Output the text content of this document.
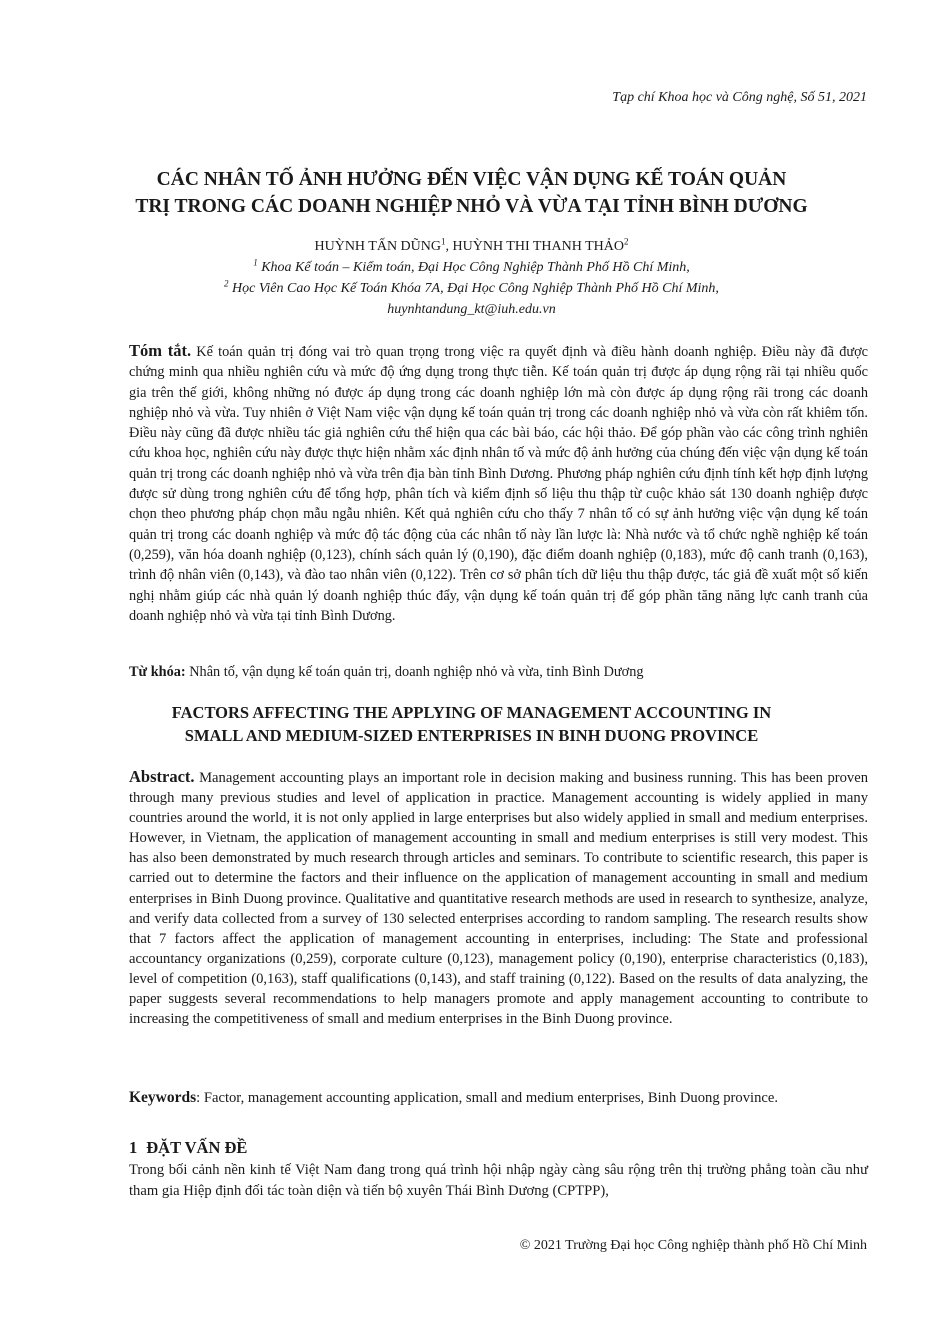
Tạp chí Khoa học và Công nghệ, Số 51, 2021
CÁC NHÂN TỐ ẢNH HƯỞNG ĐẾN VIỆC VẬN DỤNG KẾ TOÁN QUẢN
TRỊ TRONG CÁC DOANH NGHIỆP NHỎ VÀ VỪA TẠI TỈNH BÌNH DƯƠNG
HUỲNH TẤN DŨNG$^1$, HUỲNH THI THANH THẢO$^2$
$^1$ Khoa Kế toán – Kiểm toán, Đại Học Công Nghiệp Thành Phố Hồ Chí Minh,
$^2$ Học Viên Cao Học Kế Toán Khóa 7A, Đại Học Công Nghiệp Thành Phố Hồ Chí Minh,
huynhtandung_kt@iuh.edu.vn
Tóm tắt. Kế toán quản trị đóng vai trò quan trọng trong việc ra quyết định và điều hành doanh nghiệp. Điều này đã được chứng minh qua nhiều nghiên cứu và mức độ ứng dụng trong thực tiễn. Kế toán quản trị được áp dụng rộng rãi tại nhiều quốc gia trên thế giới, không những nó được áp dụng trong các doanh nghiệp lớn mà còn được áp dụng rộng rãi trong các doanh nghiệp nhỏ và vừa. Tuy nhiên ở Việt Nam việc vận dụng kế toán quản trị trong các doanh nghiệp nhỏ và vừa còn rất khiêm tốn. Điều này cũng đã được nhiều tác giả nghiên cứu thể hiện qua các bài báo, các hội thảo. Để góp phần vào các công trình nghiên cứu khoa học, nghiên cứu này được thực hiện nhằm xác định nhân tố và mức độ ảnh hưởng của chúng đến việc vận dụng kế toán quản trị trong các doanh nghiệp nhỏ và vừa trên địa bàn tỉnh Bình Dương. Phương pháp nghiên cứu định tính kết hợp định lượng được sử dùng trong nghiên cứu để tổng hợp, phân tích và kiểm định số liệu thu thập từ cuộc khảo sát 130 doanh nghiệp được chọn theo phương pháp chọn mẫu ngẫu nhiên. Kết quả nghiên cứu cho thấy 7 nhân tố có sự ảnh hưởng việc vận dụng kế toán quản trị trong các doanh nghiệp và mức độ tác động của các nhân tố này lần lược là: Nhà nước và tổ chức nghề nghiệp kế toán (0,259), văn hóa doanh nghiệp (0,123), chính sách quản lý (0,190), đặc điểm doanh nghiệp (0,183), mức độ canh tranh (0,163), trình độ nhân viên (0,143), và đào tao nhân viên (0,122). Trên cơ sở phân tích dữ liệu thu thập được, tác giả đề xuất một số kiến nghị nhằm giúp các nhà quản lý doanh nghiệp thúc đẩy, vận dụng kế toán quản trị để góp phần tăng năng lực canh tranh của doanh nghiệp nhỏ và vừa tại tỉnh Bình Dương.
Từ khóa: Nhân tố, vận dụng kế toán quản trị, doanh nghiệp nhỏ và vừa, tỉnh Bình Dương
FACTORS AFFECTING THE APPLYING OF MANAGEMENT ACCOUNTING IN
SMALL AND MEDIUM-SIZED ENTERPRISES IN BINH DUONG PROVINCE
Abstract. Management accounting plays an important role in decision making and business running. This has been proven through many previous studies and level of application in practice. Management accounting is widely applied in many countries around the world, it is not only applied in large enterprises but also widely applied in small and medium enterprises. However, in Vietnam, the application of management accounting in small and medium enterprises is still very modest. This has also been demonstrated by much research through articles and seminars. To contribute to scientific research, this paper is carried out to determine the factors and their influence on the application of management accounting in small and medium enterprises in Binh Duong province. Qualitative and quantitative research methods are used in research to synthesize, analyze, and verify data collected from a survey of 130 selected enterprises according to random sampling. The research results show that 7 factors affect the application of management accounting in enterprises, including: The State and professional accountancy organizations (0,259), corporate culture (0,123), management policy (0,190), enterprise characteristics (0,183), level of competition (0,163), staff qualifications (0,143), and staff training (0,122). Based on the results of data analyzing, the paper suggests several recommendations to help managers promote and apply management accounting to contribute to increasing the competitiveness of small and medium enterprises in the Binh Duong province.
Keywords: Factor, management accounting application, small and medium enterprises, Binh Duong province.
1 ĐẶT VẤN ĐỀ
Trong bối cảnh nền kinh tế Việt Nam đang trong quá trình hội nhập ngày càng sâu rộng trên thị trường phẳng toàn cầu như tham gia Hiệp định đối tác toàn diện và tiến bộ xuyên Thái Bình Dương (CPTPP),
© 2021 Trường Đại học Công nghiệp thành phố Hồ Chí Minh
